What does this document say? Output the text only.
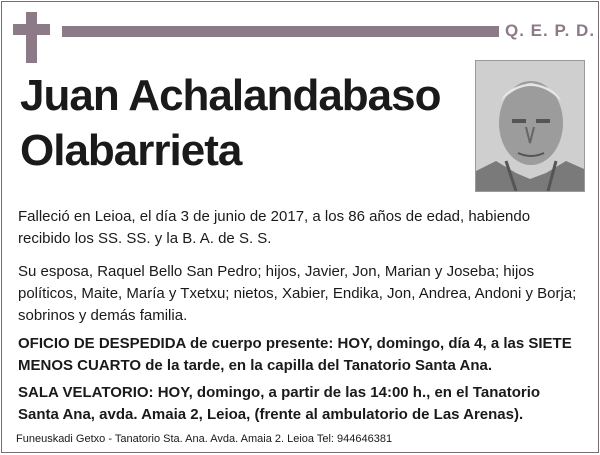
Q. E. P. D.
Juan Achalandabaso
Olabarrieta
Falleció en Leioa, el día 3 de junio de 2017, a los 86 años de edad, habiendo recibido los SS. SS. y la B. A. de S. S.
Su esposa, Raquel Bello San Pedro; hijos, Javier, Jon, Marian y Joseba; hijos políticos, Maite, María y Txetxu; nietos, Xabier, Endika, Jon, Andrea, Andoni y Borja; sobrinos y demás familia.
OFICIO DE DESPEDIDA de cuerpo presente: HOY, domingo, día 4, a las SIETE MENOS CUARTO de la tarde, en la capilla del Tanatorio Santa Ana.
SALA VELATORIO: HOY, domingo, a partir de las 14:00 h., en el Tanatorio Santa Ana, avda. Amaia 2, Leioa, (frente al ambulatorio de Las Arenas).
Funeuskadi Getxo - Tanatorio Sta. Ana. Avda. Amaia 2. Leioa Tel: 944646381
